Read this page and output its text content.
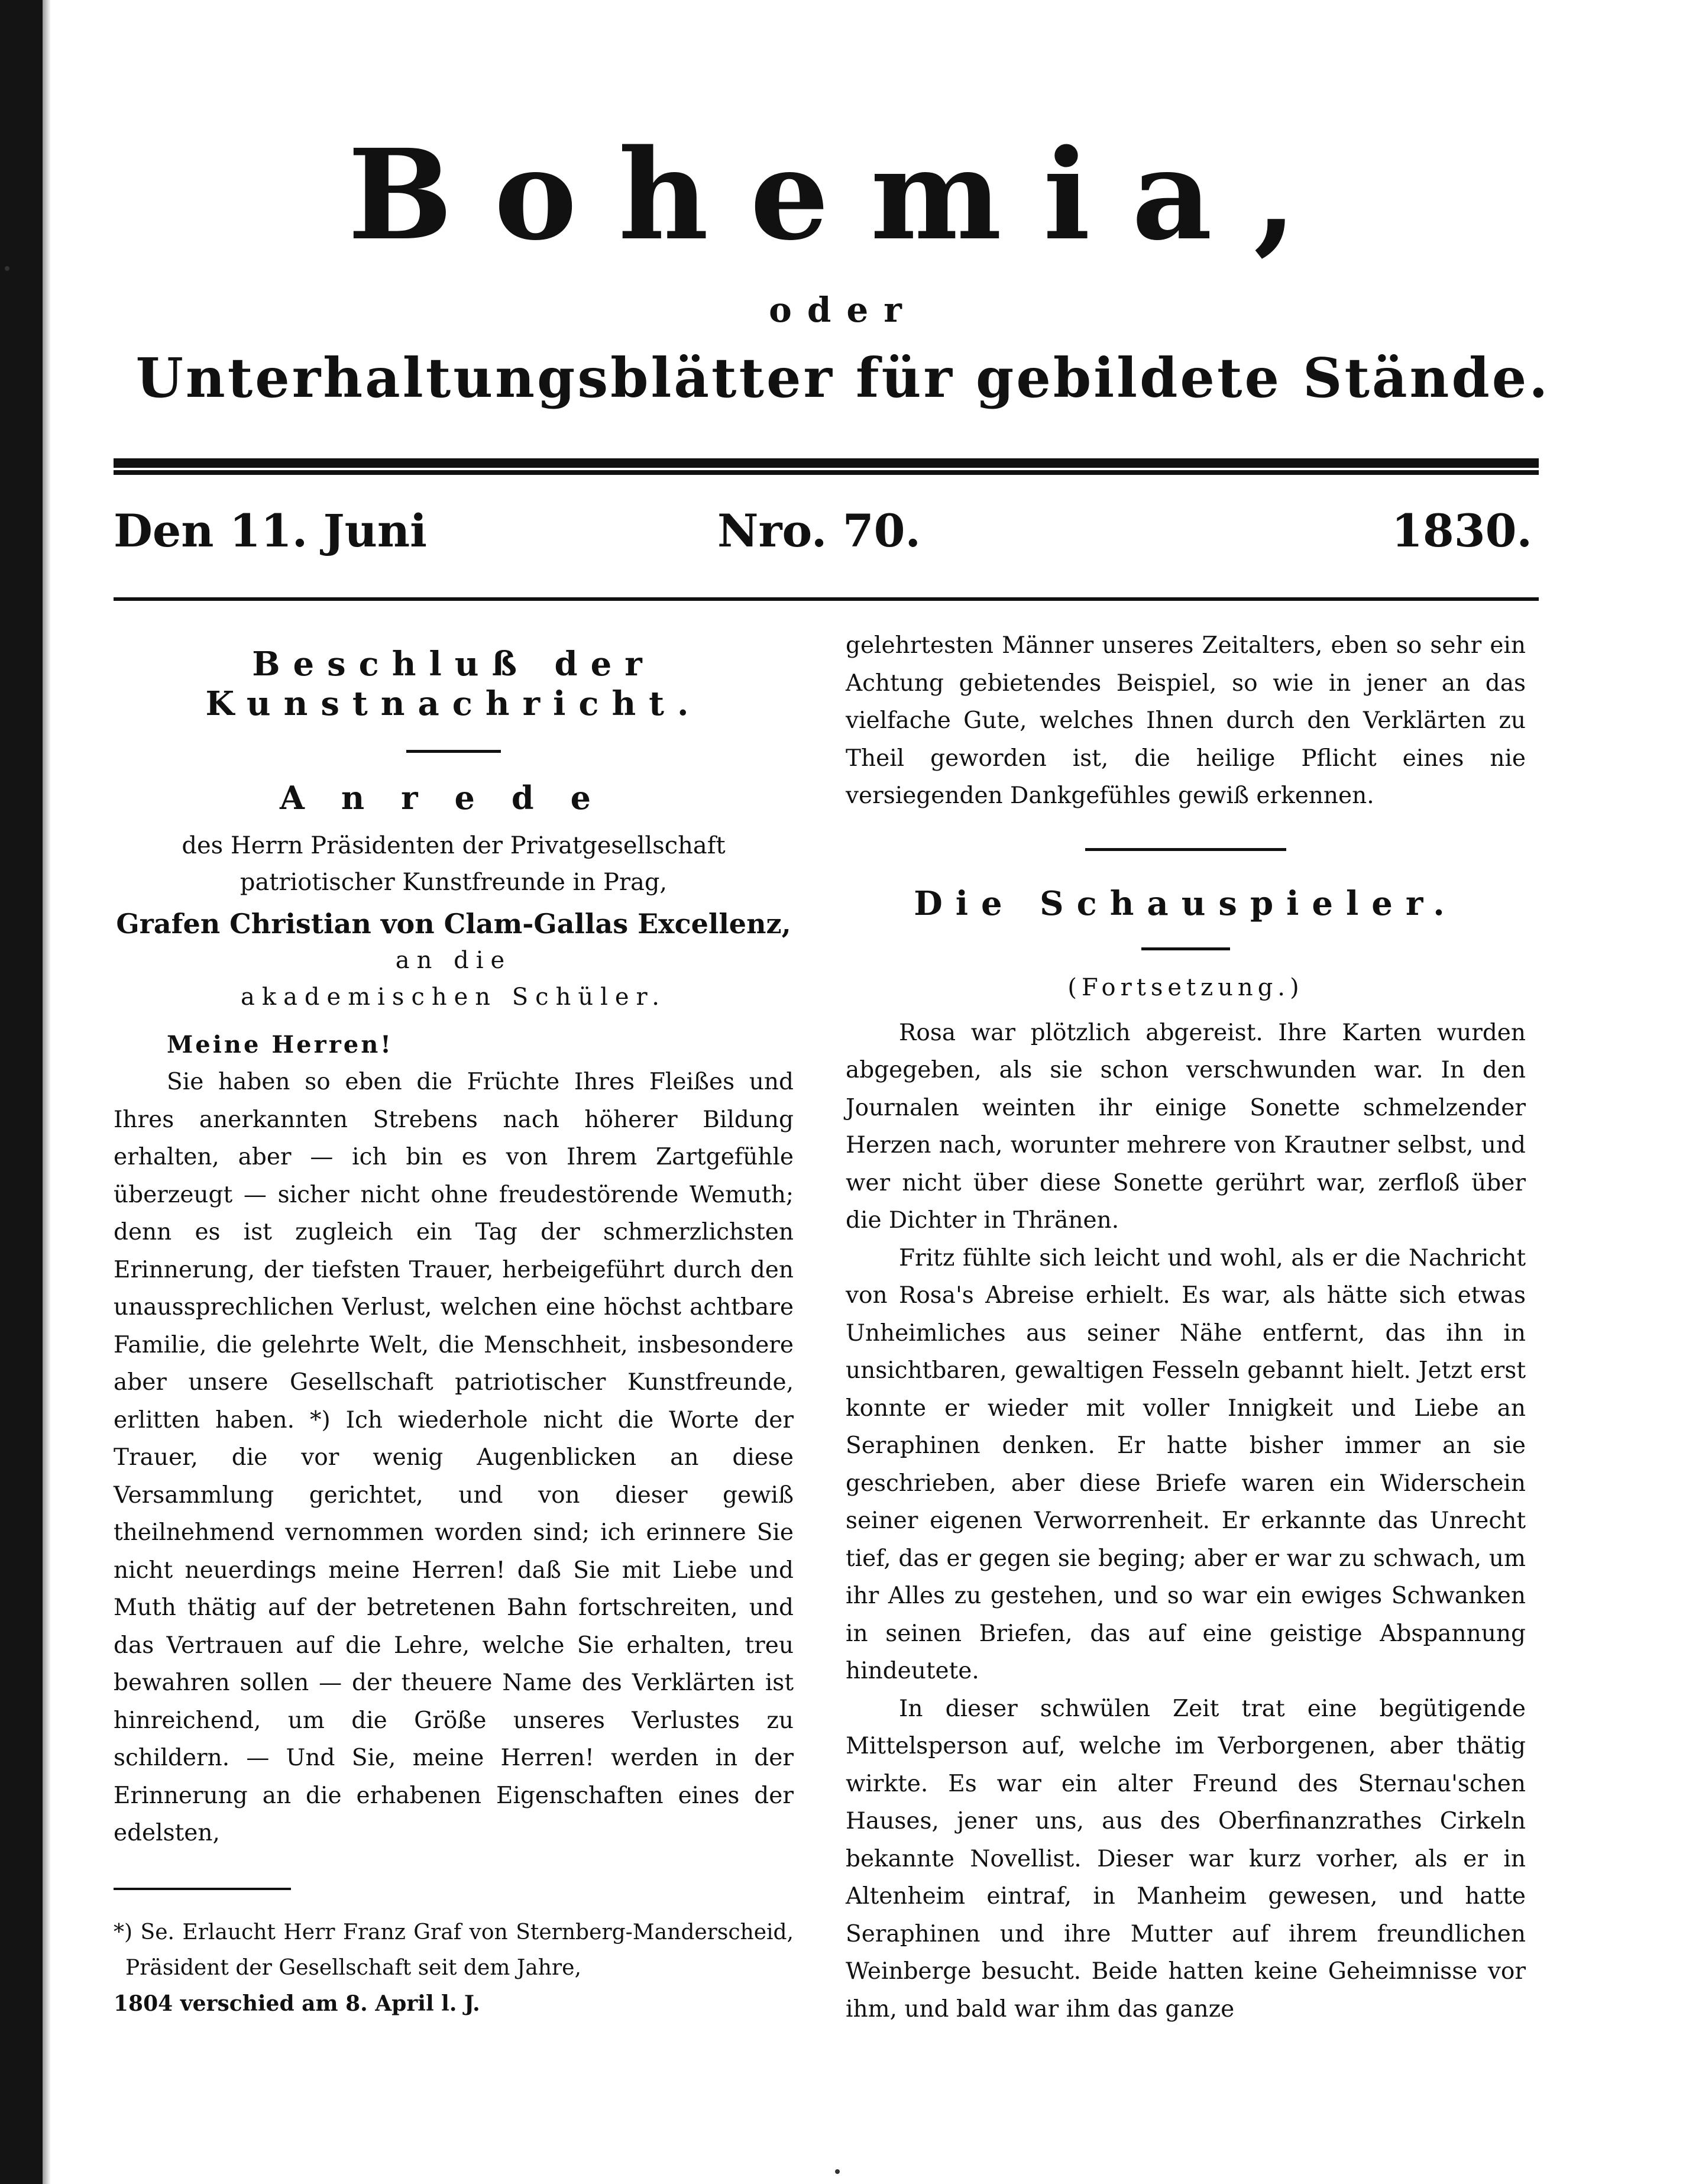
Bohemia,
oder
Unterhaltungsblätter für gebildete Stände.
Den 11. Juni	Nro. 70.	1830.

Beschluß der Kunstnachricht.

Anrede

des Herrn Präsidenten der Privatgesellschaft patriotischer Kunstfreunde in Prag,

Grafen Christian von Clam-Gallas Excellenz,

an die

akademischen Schüler.

Meine Herren!

Sie haben so eben die Früchte Ihres Fleißes und Ihres anerkannten Strebens nach höherer Bildung erhalten, aber — ich bin es von Ihrem Zartgefühle überzeugt — sicher nicht ohne freudestörende Wemuth; denn es ist zugleich ein Tag der schmerzlichsten Erinnerung, der tiefsten Trauer, herbeigeführt durch den unaussprechlichen Verlust, welchen eine höchst achtbare Familie, die gelehrte Welt, die Menschheit, insbesondere aber unsere Gesellschaft patriotischer Kunstfreunde, erlitten haben. *) Ich wiederhole nicht die Worte der Trauer, die vor wenig Augenblicken an diese Versammlung gerichtet, und von dieser gewiß theilnehmend vernommen worden sind; ich erinnere Sie nicht neuerdings meine Herren! daß Sie mit Liebe und Muth thätig auf der betretenen Bahn fortschreiten, und das Vertrauen auf die Lehre, welche Sie erhalten, treu bewahren sollen — der theuere Name des Verklärten ist hinreichend, um die Größe unseres Verlustes zu schildern. — Und Sie, meine Herren! werden in der Erinnerung an die erhabenen Eigenschaften eines der edelsten,

*) Se. Erlaucht Herr Franz Graf von Sternberg-Manderscheid, Präsident der Gesellschaft seit dem Jahre,

1804 verschied am 8. April l. J.

gelehrtesten Männer unseres Zeitalters, eben so sehr ein Achtung gebietendes Beispiel, so wie in jener an das vielfache Gute, welches Ihnen durch den Verklärten zu Theil geworden ist, die heilige Pflicht eines nie versiegenden Dankgefühles gewiß erkennen.

Die Schauspieler.

(Fortsetzung.)

Rosa war plötzlich abgereist. Ihre Karten wurden abgegeben, als sie schon verschwunden war. In den Journalen weinten ihr einige Sonette schmelzender Herzen nach, worunter mehrere von Krautner selbst, und wer nicht über diese Sonette gerührt war, zerfloß über die Dichter in Thränen.

Fritz fühlte sich leicht und wohl, als er die Nachricht von Rosa's Abreise erhielt. Es war, als hätte sich etwas Unheimliches aus seiner Nähe entfernt, das ihn in unsichtbaren, gewaltigen Fesseln gebannt hielt. Jetzt erst konnte er wieder mit voller Innigkeit und Liebe an Seraphinen denken. Er hatte bisher immer an sie geschrieben, aber diese Briefe waren ein Widerschein seiner eigenen Verworrenheit. Er erkannte das Unrecht tief, das er gegen sie beging; aber er war zu schwach, um ihr Alles zu gestehen, und so war ein ewiges Schwanken in seinen Briefen, das auf eine geistige Abspannung hindeutete.

In dieser schwülen Zeit trat eine begütigende Mittelsperson auf, welche im Verborgenen, aber thätig wirkte. Es war ein alter Freund des Sternau'schen Hauses, jener uns, aus des Oberfinanzrathes Cirkeln bekannte Novellist. Dieser war kurz vorher, als er in Altenheim eintraf, in Manheim gewesen, und hatte Seraphinen und ihre Mutter auf ihrem freundlichen Weinberge besucht. Beide hatten keine Geheimnisse vor ihm, und bald war ihm das ganze
